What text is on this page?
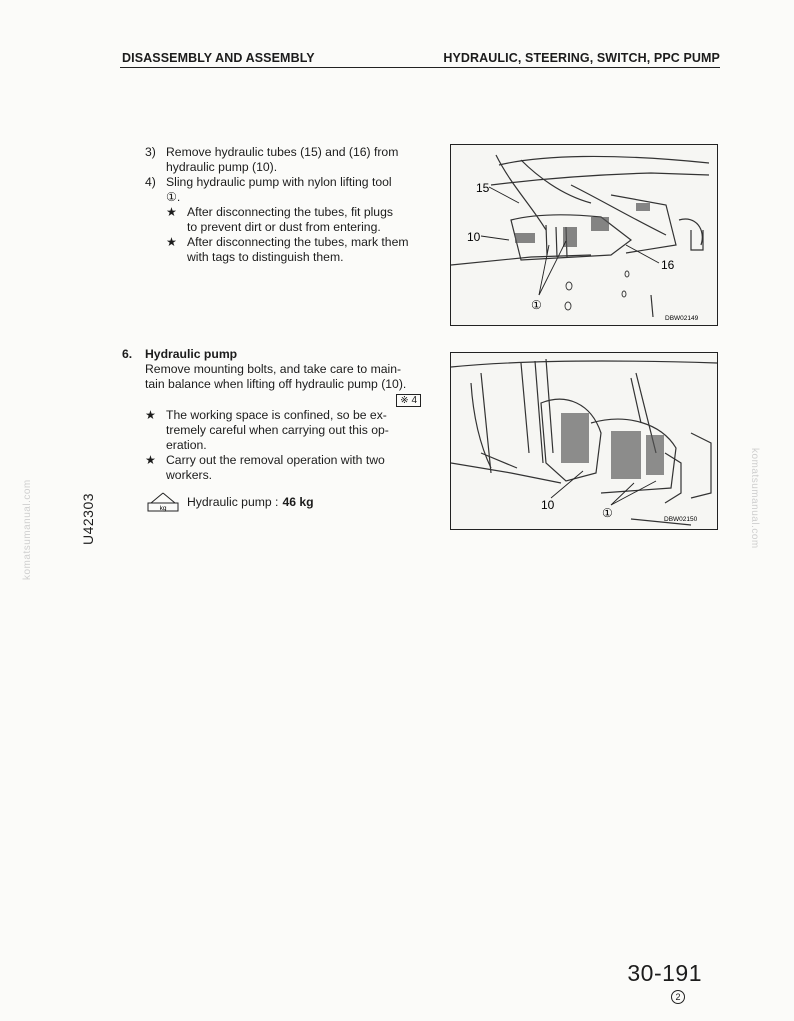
DISASSEMBLY AND ASSEMBLY	HYDRAULIC, STEERING, SWITCH, PPC PUMP
3) Remove hydraulic tubes (15) and (16) from
hydraulic pump (10).
4) Sling hydraulic pump with nylon lifting tool
①.
★ After disconnecting the tubes, fit plugs
to prevent dirt or dust from entering.
★ After disconnecting the tubes, mark them
with tags to distinguish them.
15
10
16
①
DBW02149
6.	Hydraulic pump
Remove mounting bolts, and take care to main-
tain balance when lifting off hydraulic pump (10).
※ 4
★ The working space is confined, so be ex-
tremely careful when carrying out this op-
eration.
★ Carry out the removal operation with two
workers.
kg Hydraulic pump : 46 kg	10
①	DBW02150
U42303
komatsumanual.com	komatsumanual.com
30-191
2
